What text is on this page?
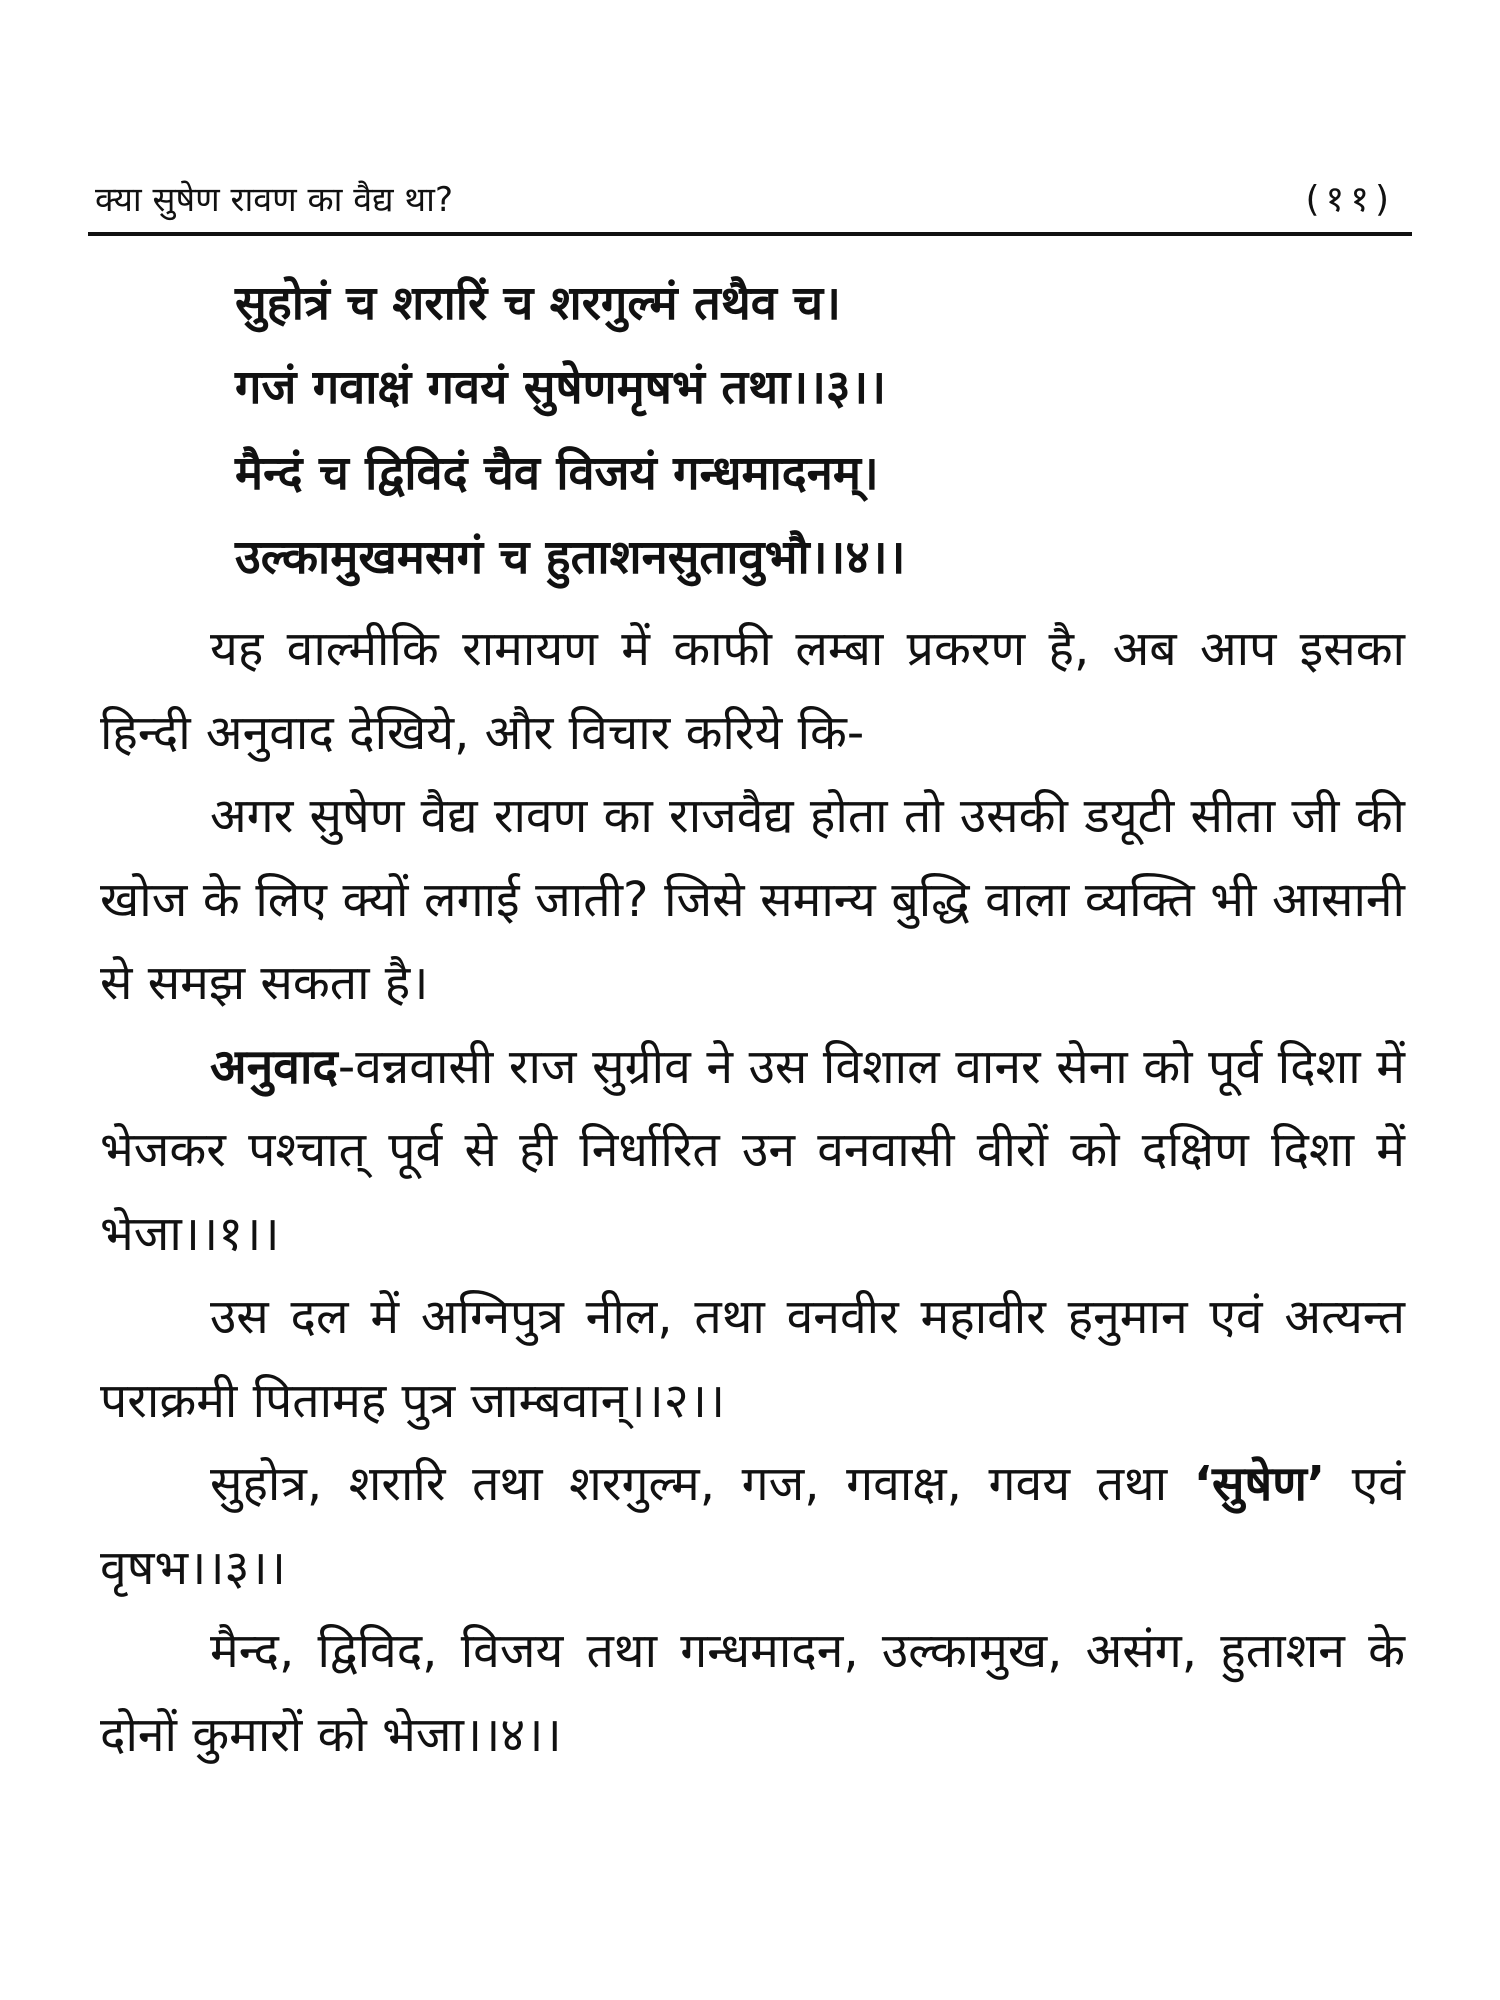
क्या सुषेण रावण का वैद्य था?	(११)
सुहोत्रं च शरारिं च शरगुल्मं तथैव च।
गजं गवाक्षं गवयं सुषेणमृषभं तथा।।३।।
मैन्दं च द्विविदं चैव विजयं गन्धमादनम्।
उल्कामुखमसगं च हुताशनसुतावुभौ।।४।।

यह वाल्मीकि रामायण में काफी लम्बा प्रकरण है, अब आप इसका हिन्दी अनुवाद देखिये, और विचार करिये कि-

अगर सुषेण वैद्य रावण का राजवैद्य होता तो उसकी डयूटी सीता जी की खोज के लिए क्यों लगाई जाती? जिसे समान्य बुद्धि वाला व्यक्ति भी आसानी से समझ सकता है।

अनुवाद-वन्नवासी राज सुग्रीव ने उस विशाल वानर सेना को पूर्व दिशा में भेजकर पश्चात् पूर्व से ही निर्धारित उन वनवासी वीरों को दक्षिण दिशा में भेजा।।१।।

उस दल में अग्निपुत्र नील, तथा वनवीर महावीर हनुमान एवं अत्यन्त पराक्रमी पितामह पुत्र जाम्बवान्।।२।।

सुहोत्र, शरारि तथा शरगुल्म, गज, गवाक्ष, गवय तथा ‘सुषेण’ एवं वृषभ।।३।।

मैन्द, द्विविद, विजय तथा गन्धमादन, उल्कामुख, असंग, हुताशन के दोनों कुमारों को भेजा।।४।।
